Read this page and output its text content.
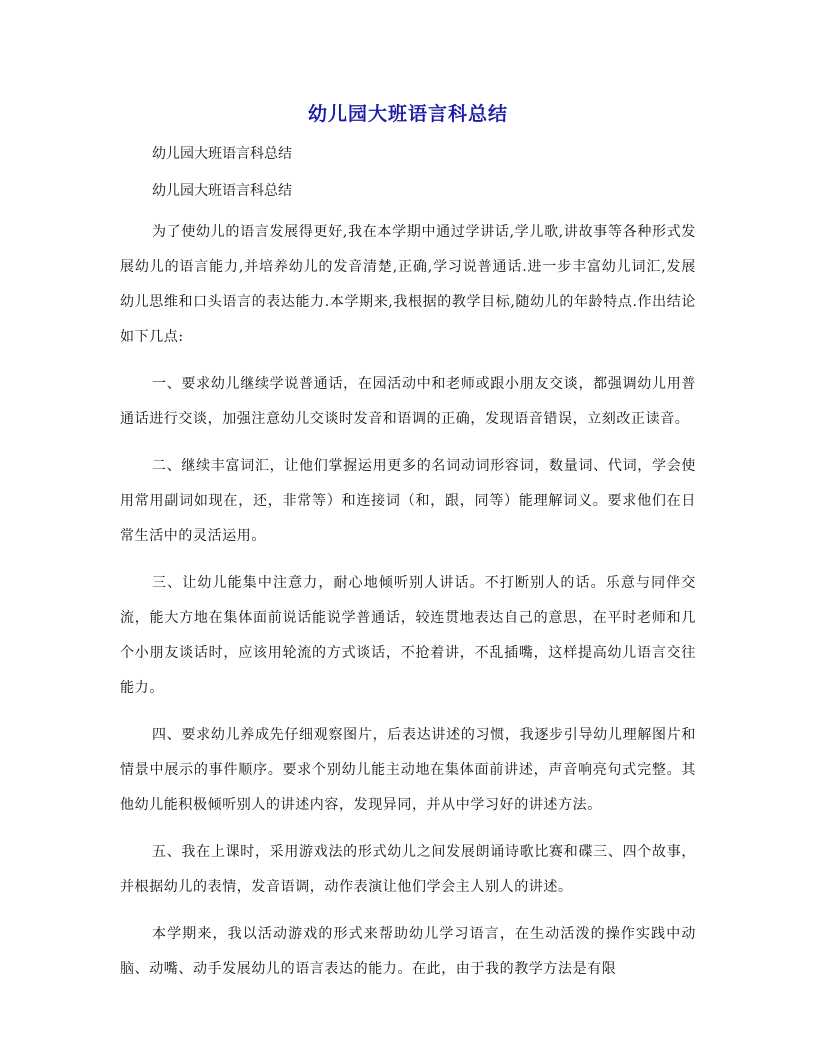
幼儿园大班语言科总结

幼儿园大班语言科总结

幼儿园大班语言科总结

为了使幼儿的语言发展得更好,我在本学期中通过学讲话,学儿歌,讲故事等各种形式发展幼儿的语言能力,并培养幼儿的发音清楚,正确,学习说普通话.进一步丰富幼儿词汇,发展幼儿思维和口头语言的表达能力.本学期来,我根据的教学目标,随幼儿的年龄特点.作出结论如下几点:

一、要求幼儿继续学说普通话，在园活动中和老师或跟小朋友交谈，都强调幼儿用普通话进行交谈，加强注意幼儿交谈时发音和语调的正确，发现语音错误，立刻改正读音。

二、继续丰富词汇，让他们掌握运用更多的名词动词形容词，数量词、代词，学会使用常用副词如现在，还，非常等）和连接词（和，跟，同等）能理解词义。要求他们在日常生活中的灵活运用。

三、让幼儿能集中注意力，耐心地倾听别人讲话。不打断别人的话。乐意与同伴交流，能大方地在集体面前说话能说学普通话，较连贯地表达自己的意思，在平时老师和几个小朋友谈话时，应该用轮流的方式谈话，不抢着讲，不乱插嘴，这样提高幼儿语言交往能力。

四、要求幼儿养成先仔细观察图片，后表达讲述的习惯，我逐步引导幼儿理解图片和情景中展示的事件顺序。要求个别幼儿能主动地在集体面前讲述，声音响亮句式完整。其他幼儿能积极倾听别人的讲述内容，发现异同，并从中学习好的讲述方法。

五、我在上课时，采用游戏法的形式幼儿之间发展朗诵诗歌比赛和碟三、四个故事，并根据幼儿的表情，发音语调，动作表演让他们学会主人别人的讲述。

本学期来，我以活动游戏的形式来帮助幼儿学习语言，在生动活泼的操作实践中动脑、动嘴、动手发展幼儿的语言表达的能力。在此，由于我的教学方法是有限
